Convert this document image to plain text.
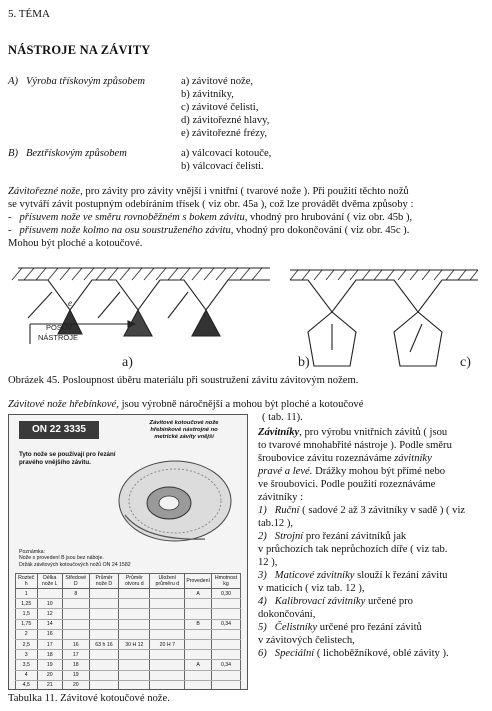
5. TÉMA
NÁSTROJE NA ZÁVITY
A) Výroba třískovým způsobem	a) závitové nože,
b) závitníky,
c) závitové čelisti,
d) závitořezné hlavy,
e) závitořezné frézy,
B) Beztřískovým způsobem	a) válcovací kotouče,
b) válcovací čelisti.
Závitořezné nože, pro závity pro závity vnější i vnitřní ( tvarové nože ). Při použití těchto nožů
se vytváří závit postupným odebíráním třísek ( viz obr. 45a ), což lze provádět dvěma způsoby :
- přísuvem nože ve směru rovnoběžném s bokem závitu, vhodný pro hrubování ( viz obr. 45b ),
- přísuvem nože kolmo na osu soustruženého závitu, vhodný pro dokončování ( viz obr. 45c ).
Mohou být ploché a kotoučové.
POSUV
NÁSTROJE
e
a)	b)	c)
Obrázek 45. Posloupnost úběru materiálu při soustružení závitu závitovým nožem.
Závitové nože hřebínkové, jsou výrobně náročnější a mohou být ploché a kotoučové
( tab. 11).
ON 22 3335
Závitové kotoučové nože
hřebínkové nástrojné no
metrické závity vnější
Tyto nože se používají pro řezání
pravého vnějšího závitu.
Poznámka:
Nože s provedení B jsou bez náboje.
Držák závitových kotoučových nožů ON 24 1582
Rozteč h	Délka nože L	Středové D	Průměr nože D	Průměr otvoru d	Uložení průměru d	Provedení	Hmotnost kg
1		8				A	0,30
1,25	10						
1,5	12						
1,75	14					B	0,34
2	16						
2,5	17	16	63 h 16	30 H 12	20 H 7		
3	18	17					
3,5	19	18				A	0,34
4	20	19					
4,5	21	20					

Závitníky, pro výrobu vnitřních závitů ( jsou
to tvarové mnohabřité nástroje ). Podle směru
šroubovice závitu rozeznáváme závitníky
pravé a levé. Drážky mohou být přímé nebo
ve šroubovici. Podle použití rozeznáváme
závitníky :
1) Ruční ( sadové 2 až 3 závitníky v sadě ) ( viz
tab.12 ),
2) Strojní pro řezání závitníků jak
v průchozích tak neprůchozích díře ( viz tab.
12 ),
3) Maticové závitníky slouží k řezání závitu
v maticích ( viz tab. 12 ),
4) Kalibrovací závitníky určené pro
dokončování,
5) Čelistníky určené pro řezání závitů
v závitových čelistech,
6) Speciální ( lichoběžníkové, oblé závity ).
Tabulka 11. Závitové kotoučové nože.
